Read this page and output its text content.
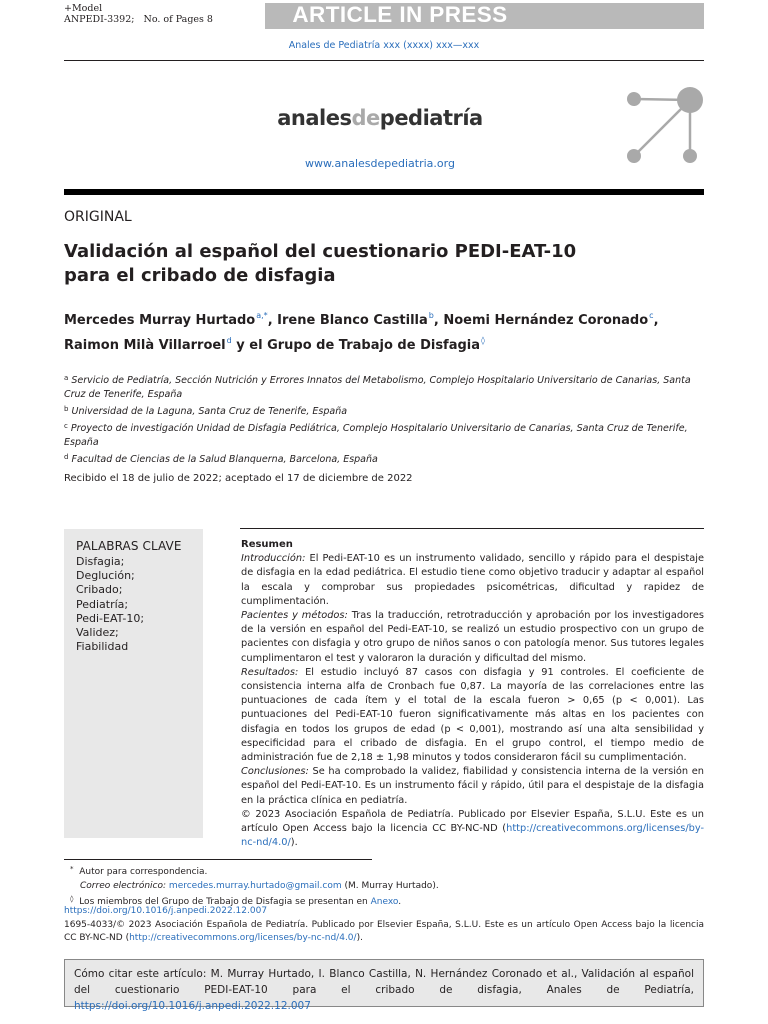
+Model
ANPEDI-3392; No. of Pages 8	ARTICLE IN PRESS
Anales de Pediatría xxx (xxxx) xxx—xxx
analesdepediatría
www.analesdepediatria.org
ORIGINAL
Validación al español del cuestionario PEDI-EAT-10 para el cribado de disfagia
Mercedes Murray Hurtado$^{a,*}$, Irene Blanco Castilla$^b$, Noemi Hernández Coronado$^c$,
Raimon Milà Villarroel$^d$ y el Grupo de Trabajo de Disfagia◊
$^a$ Servicio de Pediatría, Sección Nutrición y Errores Innatos del Metabolismo, Complejo Hospitalario Universitario de Canarias, Santa Cruz de Tenerife, España
$^b$ Universidad de la Laguna, Santa Cruz de Tenerife, España
$^c$ Proyecto de investigación Unidad de Disfagia Pediátrica, Complejo Hospitalario Universitario de Canarias, Santa Cruz de Tenerife, España
$^d$ Facultad de Ciencias de la Salud Blanquerna, Barcelona, España
Recibido el 18 de julio de 2022; aceptado el 17 de diciembre de 2022
PALABRAS CLAVE
Disfagia;
Deglución;
Cribado;
Pediatría;
Pedi-EAT-10;
Validez;
Fiabilidad
Resumen

Introducción: El Pedi-EAT-10 es un instrumento validado, sencillo y rápido para el despistaje de disfagia en la edad pediátrica. El estudio tiene como objetivo traducir y adaptar al español la escala y comprobar sus propiedades psicométricas, dificultad y rapidez de cumplimentación.

Pacientes y métodos: Tras la traducción, retrotraducción y aprobación por los investigadores de la versión en español del Pedi-EAT-10, se realizó un estudio prospectivo con un grupo de pacientes con disfagia y otro grupo de niños sanos o con patología menor. Sus tutores legales cumplimentaron el test y valoraron la duración y dificultad del mismo.

Resultados: El estudio incluyó 87 casos con disfagia y 91 controles. El coeficiente de consistencia interna alfa de Cronbach fue 0,87. La mayoría de las correlaciones entre las puntuaciones de cada ítem y el total de la escala fueron > 0,65 (p < 0,001). Las puntuaciones del Pedi-EAT-10 fueron significativamente más altas en los pacientes con disfagia en todos los grupos de edad (p < 0,001), mostrando así una alta sensibilidad y especificidad para el cribado de disfagia. En el grupo control, el tiempo medio de administración fue de 2,18 ± 1,98 minutos y todos consideraron fácil su cumplimentación.

Conclusiones: Se ha comprobado la validez, fiabilidad y consistencia interna de la versión en español del Pedi-EAT-10. Es un instrumento fácil y rápido, útil para el despistaje de la disfagia en la práctica clínica en pediatría.

© 2023 Asociación Española de Pediatría. Publicado por Elsevier España, S.L.U. Este es un artículo Open Access bajo la licencia CC BY-NC-ND (http://creativecommons.org/licenses/by-nc-nd/4.0/).

* Autor para correspondencia.
Correo electrónico: mercedes.murray.hurtado@gmail.com (M. Murray Hurtado).
◊ Los miembros del Grupo de Trabajo de Disfagia se presentan en Anexo.
https://doi.org/10.1016/j.anpedi.2022.12.007
1695-4033/© 2023 Asociación Española de Pediatría. Publicado por Elsevier España, S.L.U. Este es un artículo Open Access bajo la licencia CC BY-NC-ND (http://creativecommons.org/licenses/by-nc-nd/4.0/).
Cómo citar este artículo: M. Murray Hurtado, I. Blanco Castilla, N. Hernández Coronado et al., Validación al español del cuestionario PEDI-EAT-10 para el cribado de disfagia, Anales de Pediatría, https://doi.org/10.1016/j.anpedi.2022.12.007
